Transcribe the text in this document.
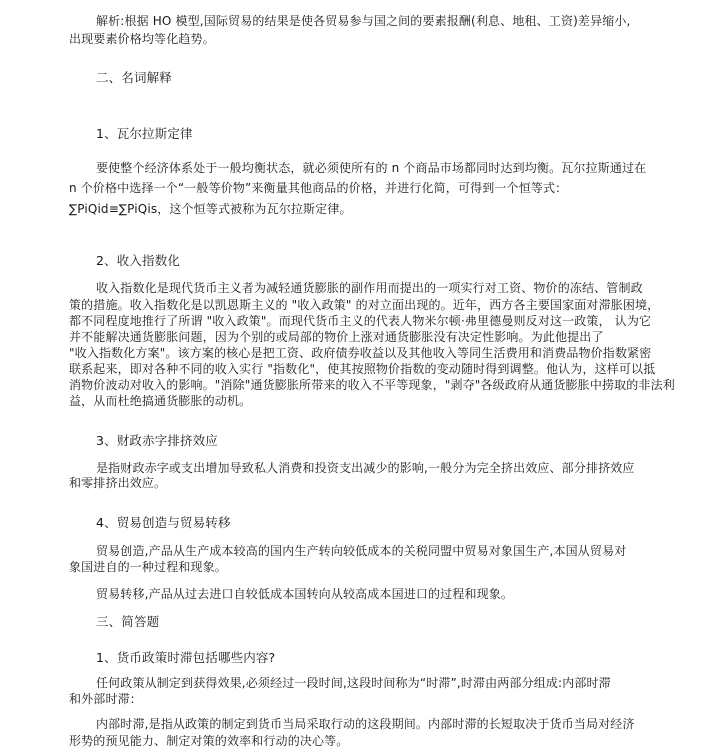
解析:根据 HO 模型,国际贸易的结果是使各贸易参与国之间的要素报酬(利息、地租、工资)差异缩小,
出现要素价格均等化趋势。
二、名词解释
1、瓦尔拉斯定律
要使整个经济体系处于一般均衡状态，就必须使所有的 n 个商品市场都同时达到均衡。瓦尔拉斯通过在
n 个价格中选择一个“一般等价物”来衡量其他商品的价格，并进行化简，可得到一个恒等式：
∑PiQid≡∑PiQis，这个恒等式被称为瓦尔拉斯定律。
2、收入指数化
收入指数化是现代货币主义者为减轻通货膨胀的副作用而提出的一项实行对工资、物价的冻结、管制政
策的措施。收入指数化是以凯恩斯主义的 "收入政策" 的对立面出现的。近年，西方各主要国家面对滞胀困境，
都不同程度地推行了所谓 "收入政策"。而现代货币主义的代表人物米尔顿·弗里德曼则反对这一政策， 认为它
并不能解决通货膨胀问题，因为个别的或局部的物价上涨对通货膨胀没有决定性影响。为此他提出了
"收入指数化方案"。该方案的核心是把工资、政府债券收益以及其他收入等同生活费用和消费品物价指数紧密
联系起来，即对各种不同的收入实行 "指数化"，使其按照物价指数的变动随时得到调整。他认为，这样可以抵
消物价波动对收入的影响。"消除"通货膨胀所带来的收入不平等现象，"剥夺"各级政府从通货膨胀中捞取的非法利
益，从而杜绝搞通货膨胀的动机。
3、财政赤字排挤效应
是指财政赤字或支出增加导致私人消费和投资支出减少的影响,一般分为完全挤出效应、部分排挤效应
和零排挤出效应。
4、贸易创造与贸易转移
贸易创造,产品从生产成本较高的国内生产转向较低成本的关税同盟中贸易对象国生产,本国从贸易对
象国进自的一种过程和现象。
贸易转移,产品从过去进口自较低成本国转向从较高成本国进口的过程和现象。
三、简答题
1、货币政策时滞包括哪些内容?
任何政策从制定到获得效果,必须经过一段时间,这段时间称为“时滞”,时滞由两部分组成:内部时滞
和外部时滞：
内部时滞,是指从政策的制定到货币当局采取行动的这段期间。内部时滞的长短取决于货币当局对经济
形势的预见能力、制定对策的效率和行动的决心等。
